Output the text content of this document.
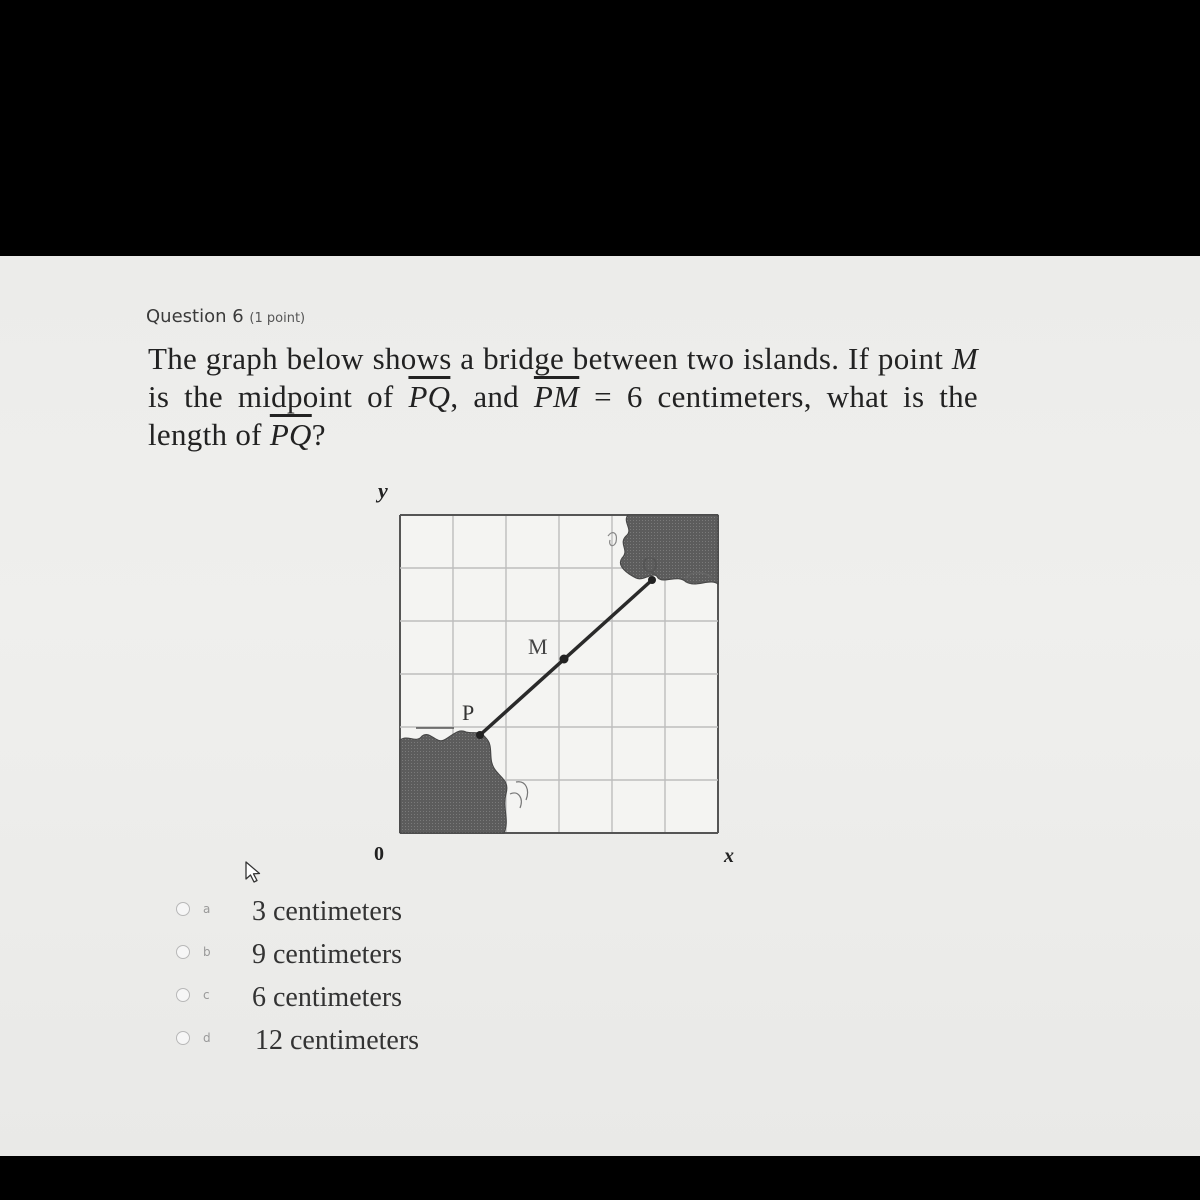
Question 6 (1 point)
The graph below shows a bridge between two islands. If point M is the midpoint of $\overline{PQ}$, and $\overline{PM} = 6$ centimeters, what is the length of $\overline{PQ}$?
P
M
Q
y
0	x
a 3 centimeters
b 9 centimeters
c 6 centimeters
d 12 centimeters
